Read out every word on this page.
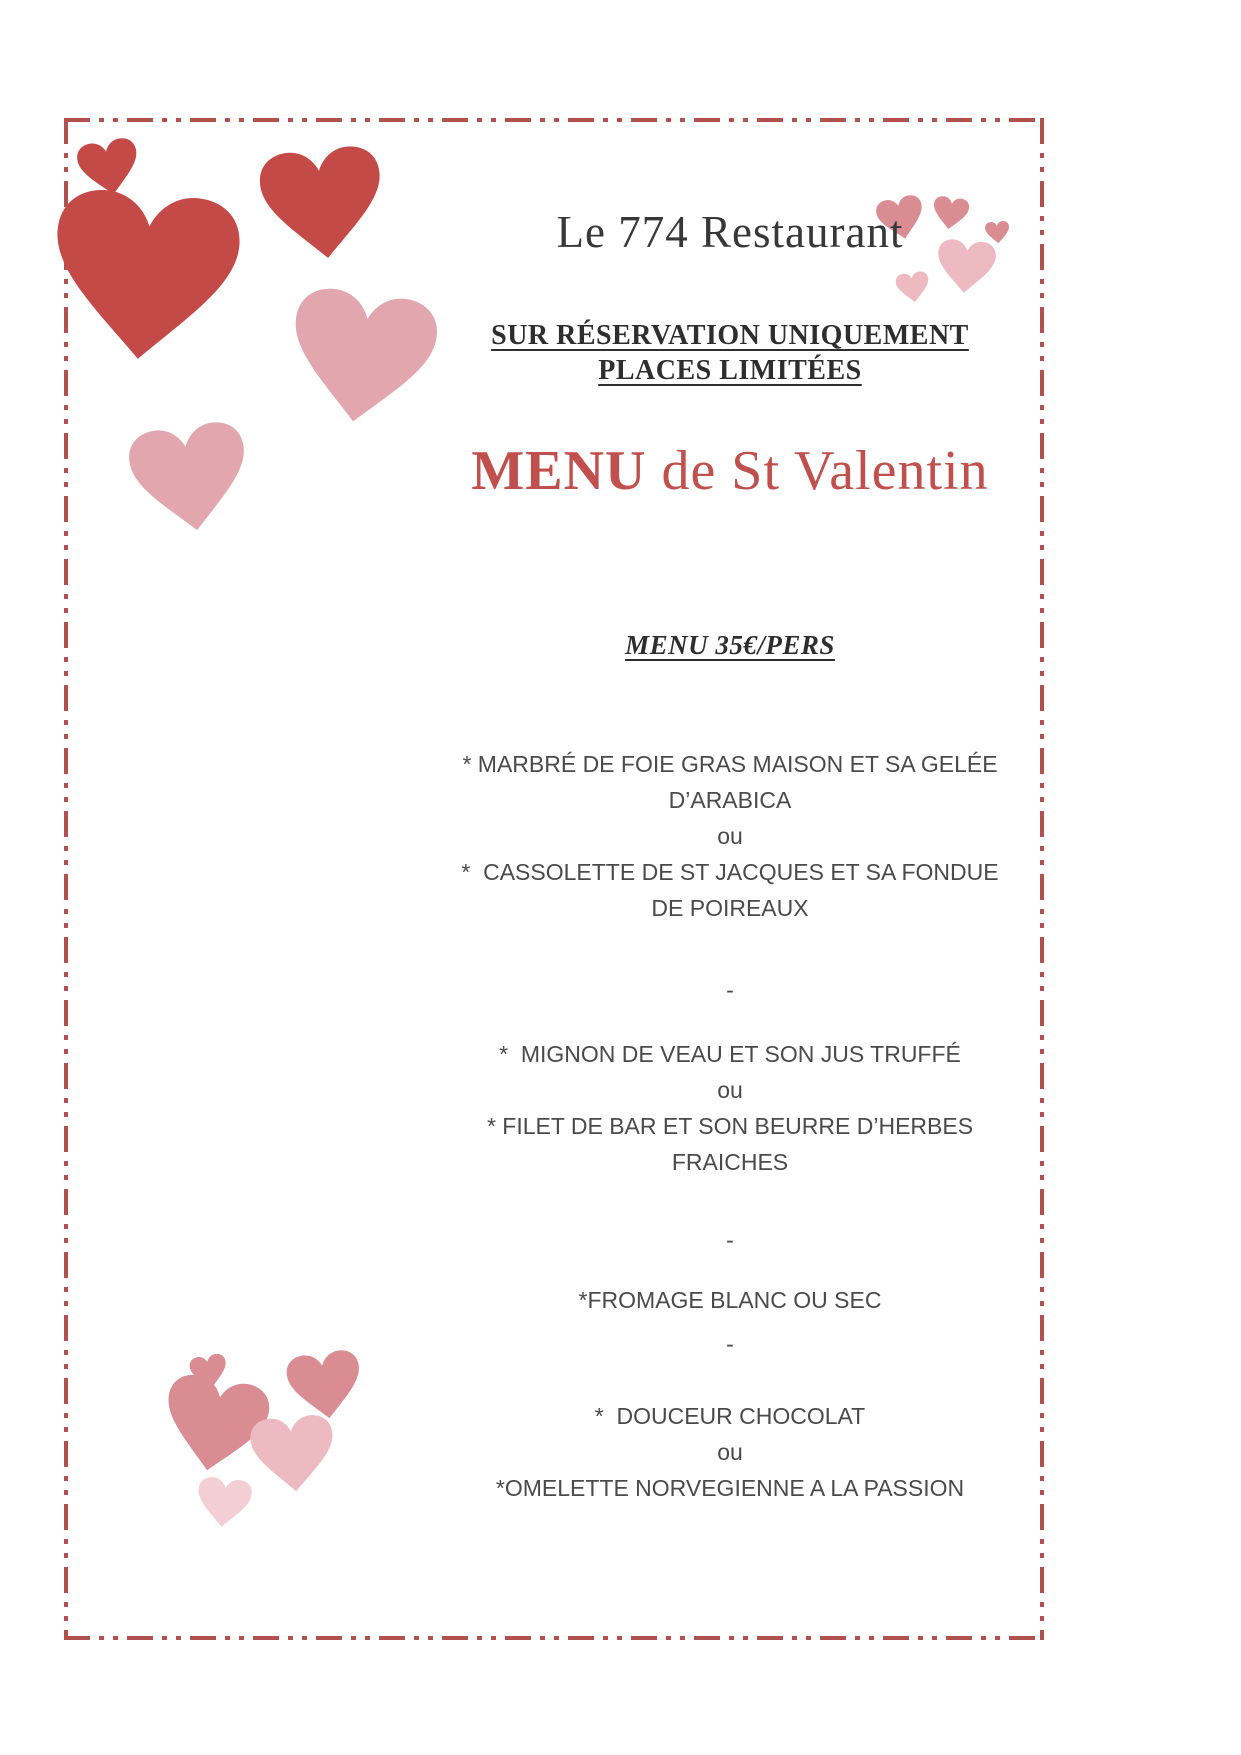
Le 774 Restaurant
SUR RÉSERVATION UNIQUEMENT
PLACES LIMITÉES
MENU de St Valentin
MENU 35€/PERS
* MARBRÉ DE FOIE GRAS MAISON ET SA GELÉE
D’ARABICA
ou
*  CASSOLETTE DE ST JACQUES ET SA FONDUE
DE POIREAUX
-
*  MIGNON DE VEAU ET SON JUS TRUFFÉ
ou
* FILET DE BAR ET SON BEURRE D’HERBES
FRAICHES
-
*FROMAGE BLANC OU SEC
-
*  DOUCEUR CHOCOLAT
ou
*OMELETTE NORVEGIENNE A LA PASSION
